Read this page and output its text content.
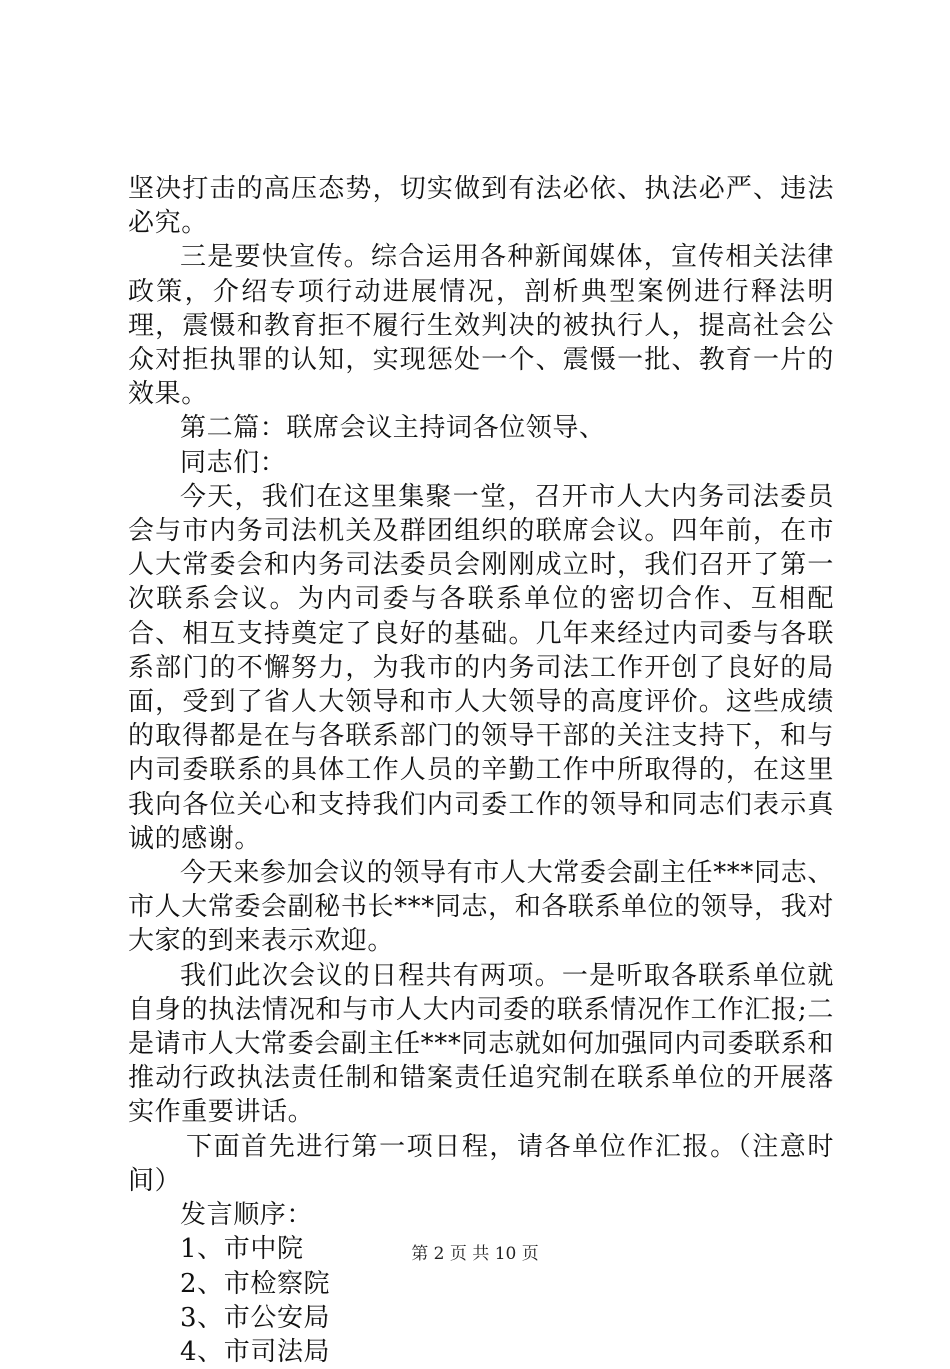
坚决打击的高压态势，切实做到有法必依、执法必严、违法必究。

三是要快宣传。综合运用各种新闻媒体，宣传相关法律政策，介绍专项行动进展情况，剖析典型案例进行释法明理，震慑和教育拒不履行生效判决的被执行人，提高社会公众对拒执罪的认知，实现惩处一个、震慑一批、教育一片的效果。

第二篇：联席会议主持词各位领导、

同志们：

今天，我们在这里集聚一堂，召开市人大内务司法委员会与市内务司法机关及群团组织的联席会议。四年前，在市人大常委会和内务司法委员会刚刚成立时，我们召开了第一次联系会议。为内司委与各联系单位的密切合作、互相配合、相互支持奠定了良好的基础。几年来经过内司委与各联系部门的不懈努力，为我市的内务司法工作开创了良好的局面，受到了省人大领导和市人大领导的高度评价。这些成绩的取得都是在与各联系部门的领导干部的关注支持下，和与内司委联系的具体工作人员的辛勤工作中所取得的，在这里我向各位关心和支持我们内司委工作的领导和同志们表示真诚的感谢。

今天来参加会议的领导有市人大常委会副主任***同志、市人大常委会副秘书长***同志，和各联系单位的领导，我对大家的到来表示欢迎。

我们此次会议的日程共有两项。一是听取各联系单位就自身的执法情况和与市人大内司委的联系情况作工作汇报;二是请市人大常委会副主任***同志就如何加强同内司委联系和推动行政执法责任制和错案责任追究制在联系单位的开展落实作重要讲话。

下面首先进行第一项日程，请各单位作汇报。（注意时间）

发言顺序：

1、市中院

2、市检察院

3、市公安局

4、市司法局

第 2 页 共 10 页
